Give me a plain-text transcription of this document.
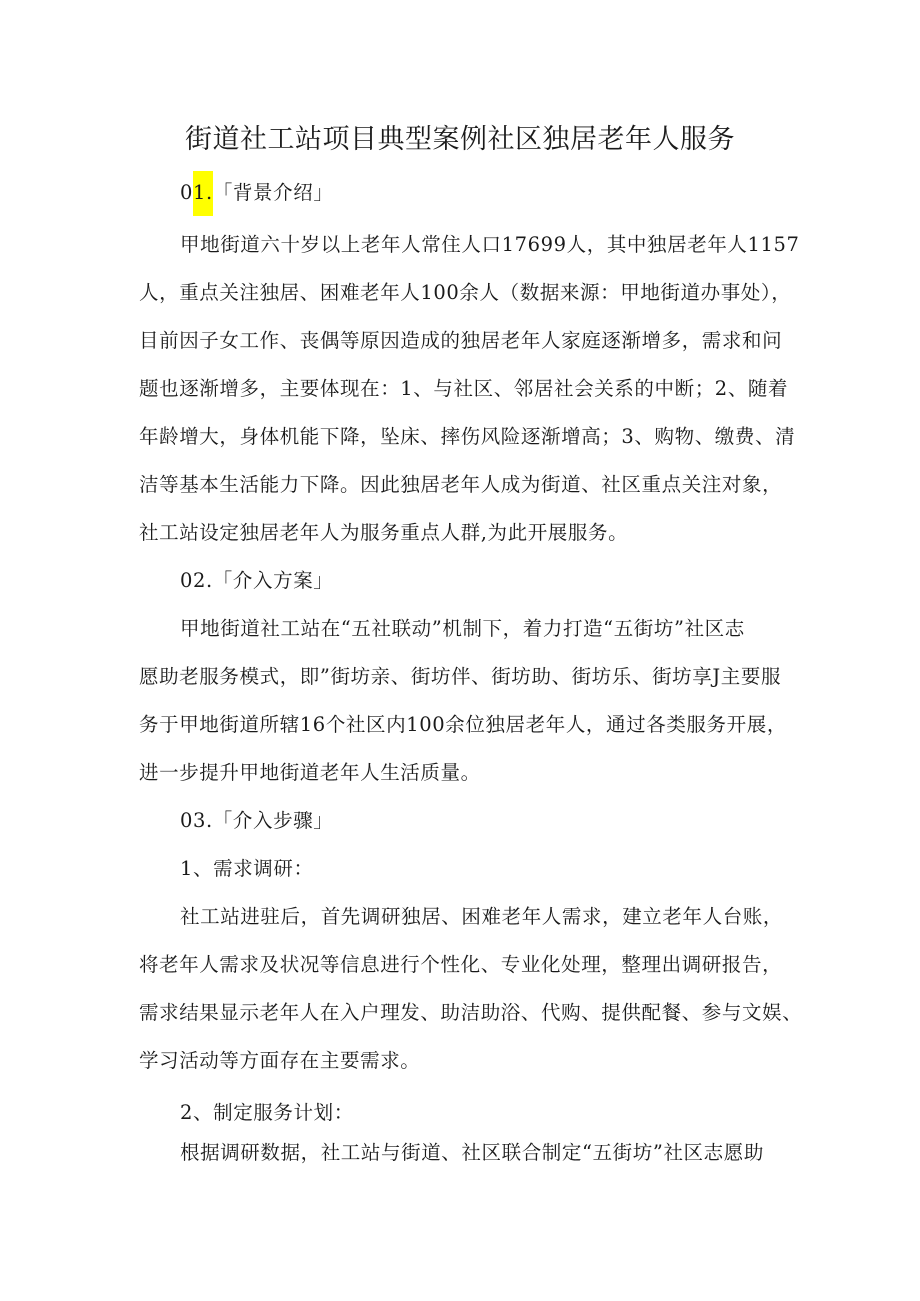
街道社工站项目典型案例社区独居老年人服务
01.「背景介绍」
甲地街道六十岁以上老年人常住人口17699人，其中独居老年人1157
人，重点关注独居、困难老年人100余人（数据来源：甲地街道办事处），
目前因子女工作、丧偶等原因造成的独居老年人家庭逐渐增多，需求和问
题也逐渐增多，主要体现在：1、与社区、邻居社会关系的中断；2、随着
年龄增大，身体机能下降，坠床、摔伤风险逐渐增高；3、购物、缴费、清
洁等基本生活能力下降。因此独居老年人成为街道、社区重点关注对象，
社工站设定独居老年人为服务重点人群,为此开展服务。
02.「介入方案」
甲地街道社工站在“五社联动”机制下，着力打造“五街坊”社区志
愿助老服务模式，即”街坊亲、街坊伴、街坊助、街坊乐、街坊享J主要服
务于甲地街道所辖16个社区内100余位独居老年人，通过各类服务开展，
进一步提升甲地街道老年人生活质量。
03.「介入步骤」
1、需求调研：
社工站进驻后，首先调研独居、困难老年人需求，建立老年人台账，
将老年人需求及状况等信息进行个性化、专业化处理，整理出调研报告，
需求结果显示老年人在入户理发、助洁助浴、代购、提供配餐、参与文娱、
学习活动等方面存在主要需求。
2、制定服务计划：
根据调研数据，社工站与街道、社区联合制定“五街坊”社区志愿助
